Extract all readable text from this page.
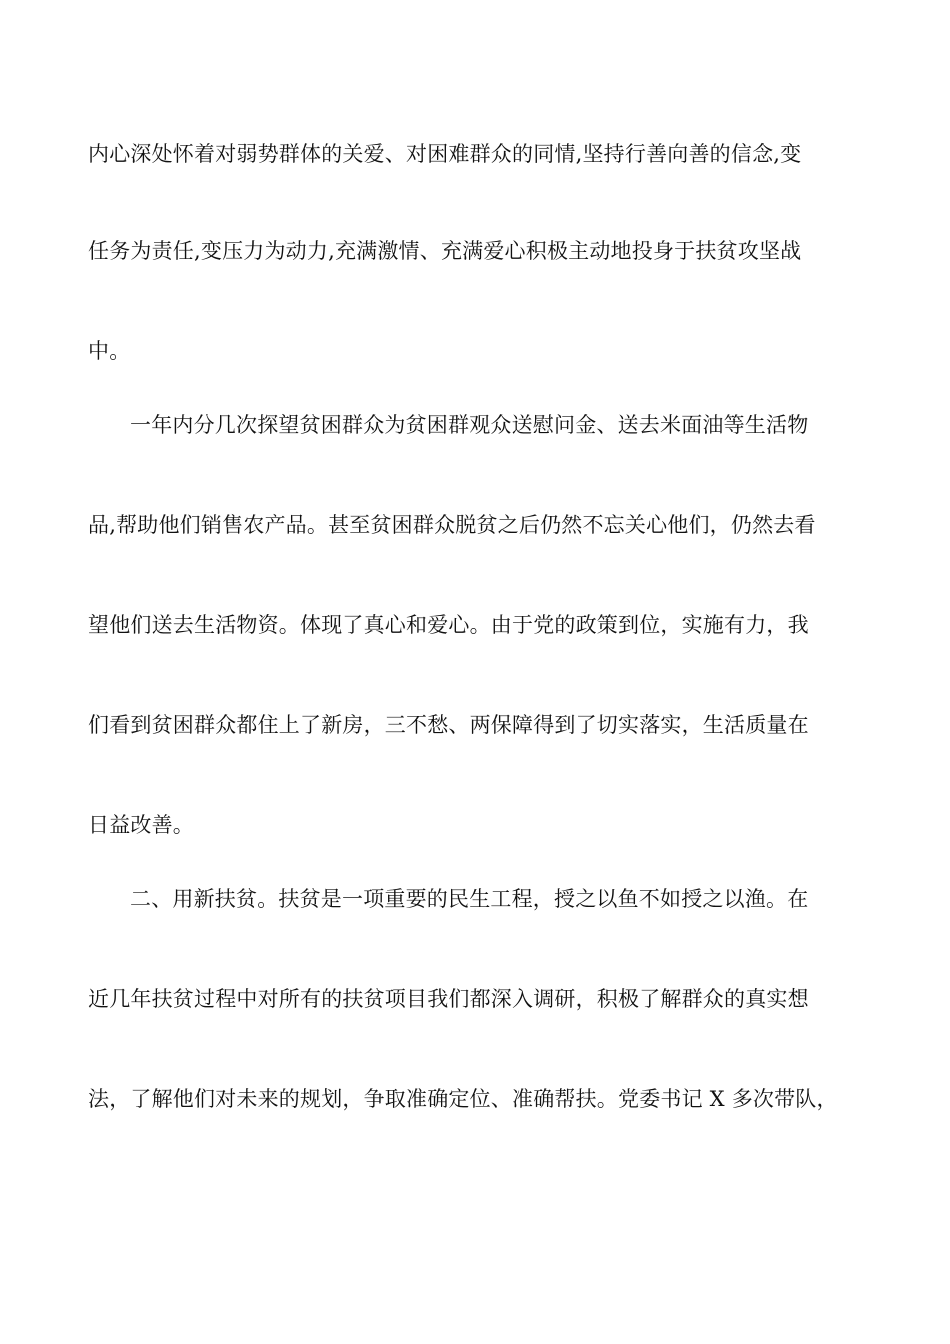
内心深处怀着对弱势群体的关爱、对困难群众的同情,坚持行善向善的信念,变

任务为责任,变压力为动力,充满激情、充满爱心积极主动地投身于扶贫攻坚战

中。

一年内分几次探望贫困群众为贫困群观众送慰问金、送去米面油等生活物

品,帮助他们销售农产品。甚至贫困群众脱贫之后仍然不忘关心他们，仍然去看

望他们送去生活物资。体现了真心和爱心。由于党的政策到位，实施有力，我

们看到贫困群众都住上了新房，三不愁、两保障得到了切实落实，生活质量在

日益改善。

二、用新扶贫。扶贫是一项重要的民生工程，授之以鱼不如授之以渔。在

近几年扶贫过程中对所有的扶贫项目我们都深入调研，积极了解群众的真实想

法，了解他们对未来的规划，争取准确定位、准确帮扶。党委书记 X 多次带队，
